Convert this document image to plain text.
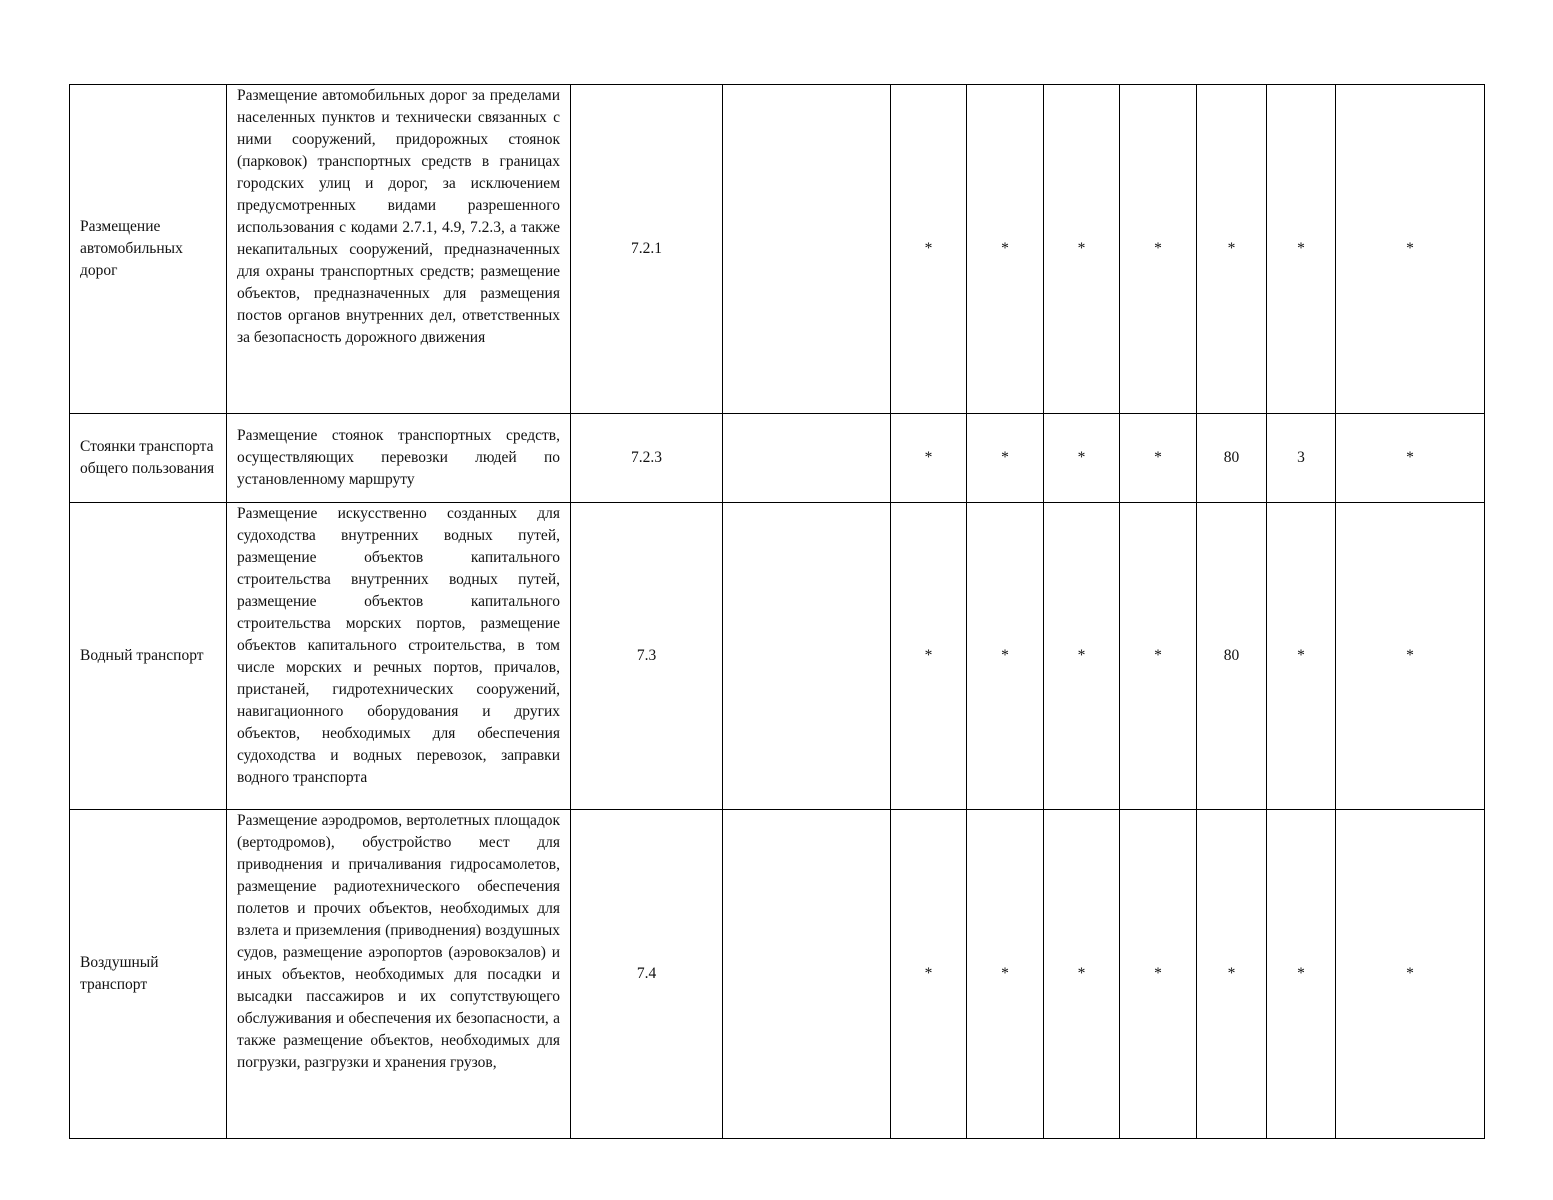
Размещение автомобильных дорог	Размещение автомобильных дорог за пределами населенных пунктов и технически связанных с ними сооружений, придорожных стоянок (парковок) транспортных средств в границах городских улиц и дорог, за исключением предусмотренных видами разрешенного использования с кодами 2.7.1, 4.9, 7.2.3, а также некапитальных сооружений, предназначенных для охраны транспортных средств; размещение объектов, предназначенных для размещения постов органов внутренних дел, ответственных за безопасность дорожного движения	7.2.1		*	*	*	*	*	*	*
Стоянки транспорта общего пользования	Размещение стоянок транспортных средств, осуществляющих перевозки людей по установленному маршруту	7.2.3		*	*	*	*	80	3	*
Водный транспорт	Размещение искусственно созданных для судоходства внутренних водных путей, размещение объектов капитального строительства внутренних водных путей, размещение объектов капитального строительства морских портов, размещение объектов капитального строительства, в том числе морских и речных портов, причалов, пристаней, гидротехнических сооружений, навигационного оборудования и других объектов, необходимых для обеспечения судоходства и водных перевозок, заправки водного транспорта	7.3		*	*	*	*	80	*	*
Воздушный транспорт	Размещение аэродромов, вертолетных площадок (вертодромов), обустройство мест для приводнения и причаливания гидросамолетов, размещение радиотехнического обеспечения полетов и прочих объектов, необходимых для взлета и приземления (приводнения) воздушных судов, размещение аэропортов (аэровокзалов) и иных объектов, необходимых для посадки и высадки пассажиров и их сопутствующего обслуживания и обеспечения их безопасности, а также размещение объектов, необходимых для погрузки, разгрузки и хранения грузов,	7.4		*	*	*	*	*	*	*
